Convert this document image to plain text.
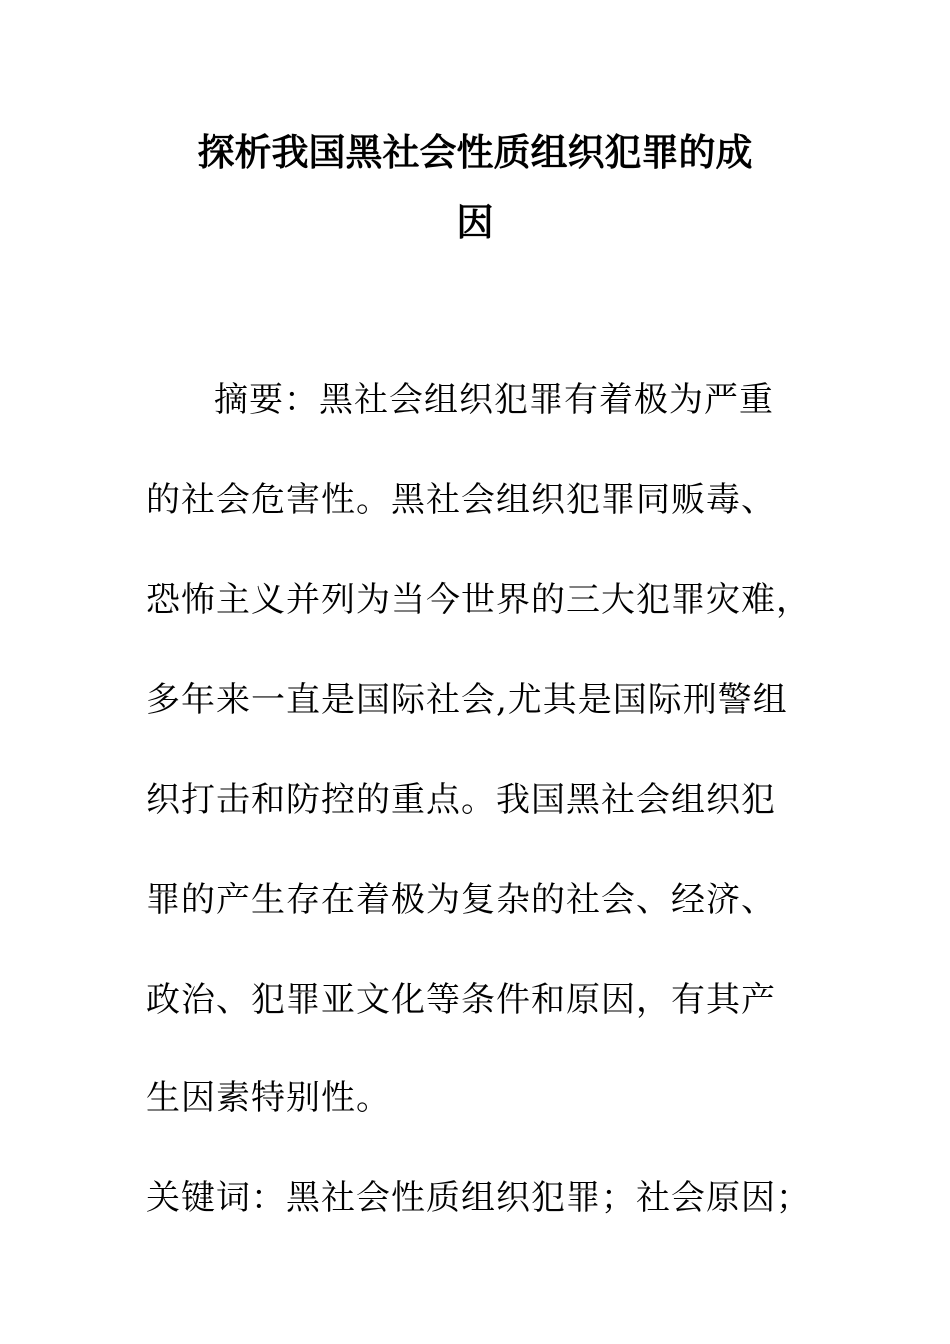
探析我国黑社会性质组织犯罪的成
因
摘要：黑社会组织犯罪有着极为严重
的社会危害性。黑社会组织犯罪同贩毒、
恐怖主义并列为当今世界的三大犯罪灾难，
多年来一直是国际社会,尤其是国际刑警组
织打击和防控的重点。我国黑社会组织犯
罪的产生存在着极为复杂的社会、经济、
政治、犯罪亚文化等条件和原因，有其产
生因素特别性。
关键词：黑社会性质组织犯罪；社会原因；
